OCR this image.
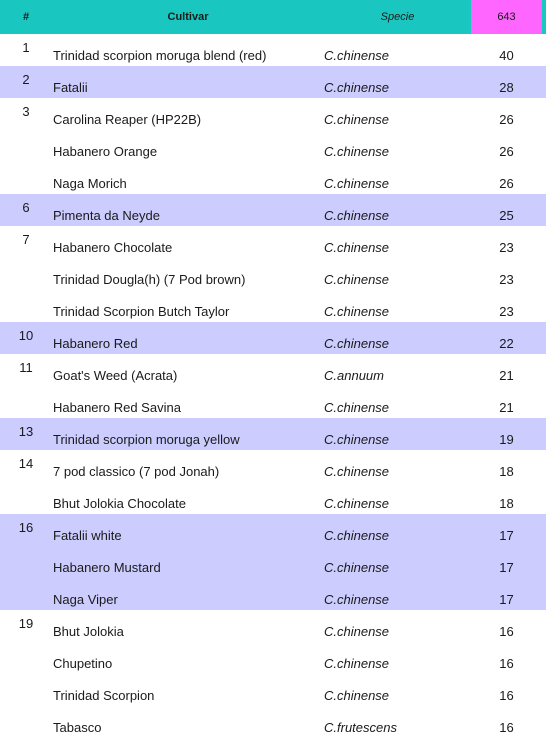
#	Cultivar	Specie	643
1
Trinidad scorpion moruga blend (red)	C.chinense	40
2
Fatalii	C.chinense	28
3
Carolina Reaper (HP22B)	C.chinense	26
Habanero Orange	C.chinense	26
Naga Morich	C.chinense	26
6
Pimenta da Neyde	C.chinense	25
7
Habanero Chocolate	C.chinense	23
Trinidad Dougla(h) (7 Pod brown)	C.chinense	23
Trinidad Scorpion Butch Taylor	C.chinense	23
10
Habanero Red	C.chinense	22
11
Goat's Weed (Acrata)	C.annuum	21
Habanero Red Savina	C.chinense	21
13
Trinidad scorpion moruga yellow	C.chinense	19
14
7 pod classico (7 pod Jonah)	C.chinense	18
Bhut Jolokia Chocolate	C.chinense	18
16
Fatalii white	C.chinense	17
Habanero Mustard	C.chinense	17
Naga Viper	C.chinense	17
19
Bhut Jolokia	C.chinense	16
Chupetino	C.chinense	16
Trinidad Scorpion	C.chinense	16
Tabasco	C.frutescens	16
